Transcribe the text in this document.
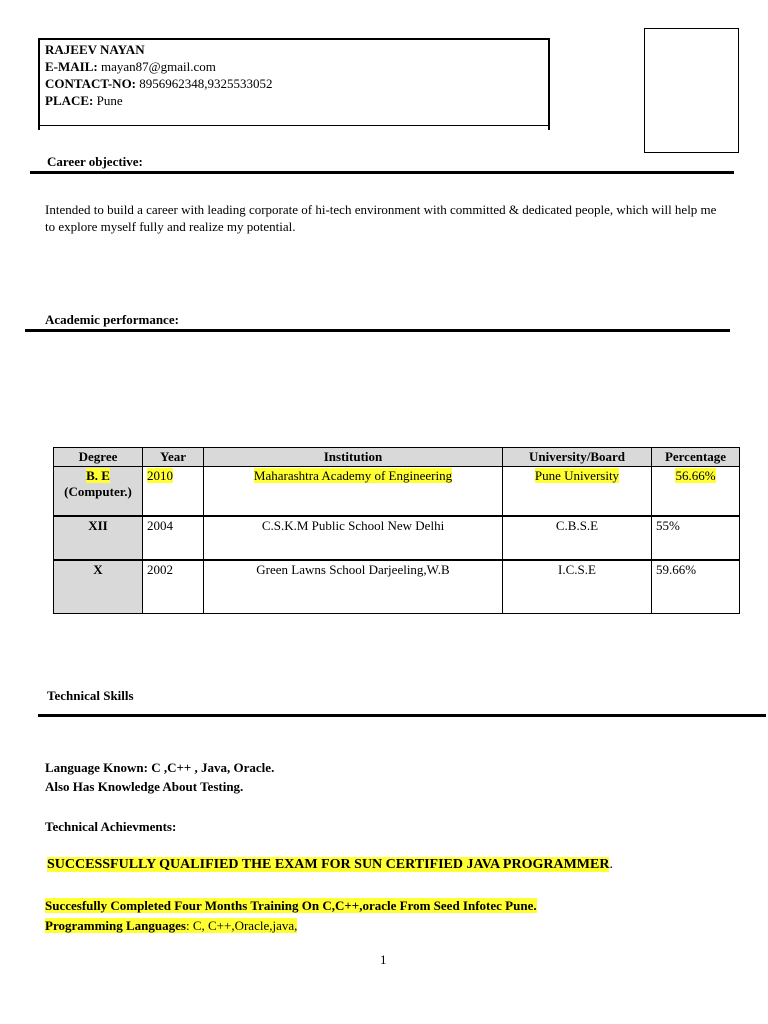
RAJEEV NAYAN
E-MAIL: mayan87@gmail.com
CONTACT-NO: 8956962348,9325533052
PLACE: Pune
Career objective:
Intended to build a career with leading corporate of hi-tech environment with committed & dedicated people, which will help me to explore myself fully and realize my potential.
Academic performance:
Degree	Year	Institution	University/Board	Percentage
B. E
(Computer.)	2010	Maharashtra Academy of Engineering	Pune University	56.66%
XII	2004	C.S.K.M Public School New Delhi	C.B.S.E	55%
X	2002	Green Lawns School Darjeeling,W.B	I.C.S.E	59.66%
Technical Skills
Language Known: C ,C++ , Java, Oracle.
Also Has Knowledge About Testing.
Technical Achievments:
SUCCESSFULLY QUALIFIED THE EXAM FOR SUN CERTIFIED JAVA PROGRAMMER.
Succesfully Completed Four Months Training On C,C++,oracle From Seed Infotec Pune.
Programming Languages: C, C++,Oracle,java,
1
